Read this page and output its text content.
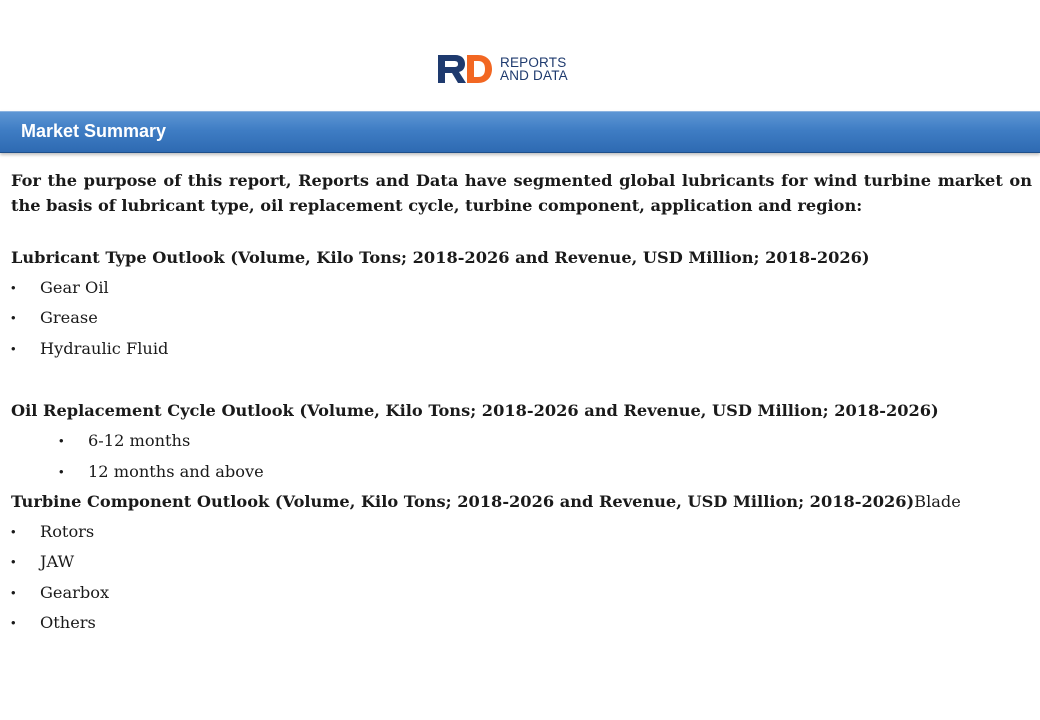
REPORTS
AND DATA
Market Summary

For the purpose of this report, Reports and Data have segmented global lubricants for wind turbine market on the basis of lubricant type, oil replacement cycle, turbine component, application and region:

Lubricant Type Outlook (Volume, Kilo Tons; 2018-2026 and Revenue, USD Million; 2018-2026)

• Gear Oil
• Grease
• Hydraulic Fluid

Oil Replacement Cycle Outlook (Volume, Kilo Tons; 2018-2026 and Revenue, USD Million; 2018-2026)

• 6-12 months
• 12 months and above

Turbine Component Outlook (Volume, Kilo Tons; 2018-2026 and Revenue, USD Million; 2018-2026)Blade

• Rotors
• JAW
• Gearbox
• Others
